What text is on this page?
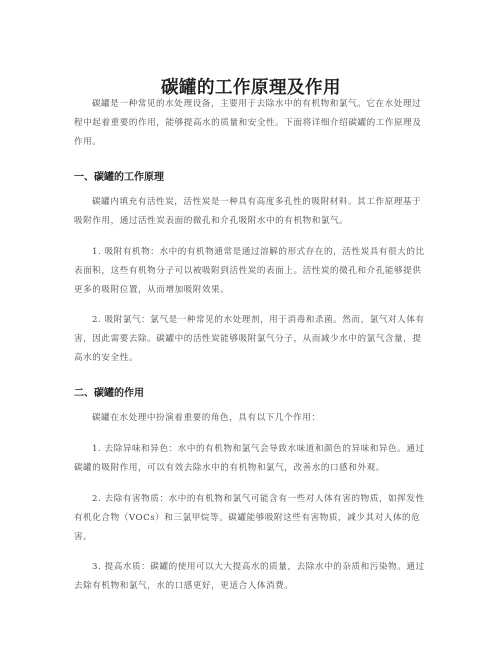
碳罐的工作原理及作用

碳罐是一种常见的水处理设备，主要用于去除水中的有机物和氯气。它在水处理过程中起着重要的作用，能够提高水的质量和安全性。下面将详细介绍碳罐的工作原理及作用。

一、碳罐的工作原理

碳罐内填充有活性炭，活性炭是一种具有高度多孔性的吸附材料。其工作原理基于吸附作用，通过活性炭表面的微孔和介孔吸附水中的有机物和氯气。

1. 吸附有机物：水中的有机物通常是通过溶解的形式存在的，活性炭具有很大的比表面积，这些有机物分子可以被吸附到活性炭的表面上。活性炭的微孔和介孔能够提供更多的吸附位置，从而增加吸附效果。

2. 吸附氯气：氯气是一种常见的水处理剂，用于消毒和杀菌。然而，氯气对人体有害，因此需要去除。碳罐中的活性炭能够吸附氯气分子，从而减少水中的氯气含量，提高水的安全性。

二、碳罐的作用

碳罐在水处理中扮演着重要的角色，具有以下几个作用：

1. 去除异味和异色：水中的有机物和氯气会导致水味道和颜色的异味和异色。通过碳罐的吸附作用，可以有效去除水中的有机物和氯气，改善水的口感和外观。

2. 去除有害物质：水中的有机物和氯气可能含有一些对人体有害的物质，如挥发性有机化合物（VOCs）和三氯甲烷等。碳罐能够吸附这些有害物质，减少其对人体的危害。

3. 提高水质：碳罐的使用可以大大提高水的质量，去除水中的杂质和污染物。通过去除有机物和氯气，水的口感更好，更适合人体消费。
